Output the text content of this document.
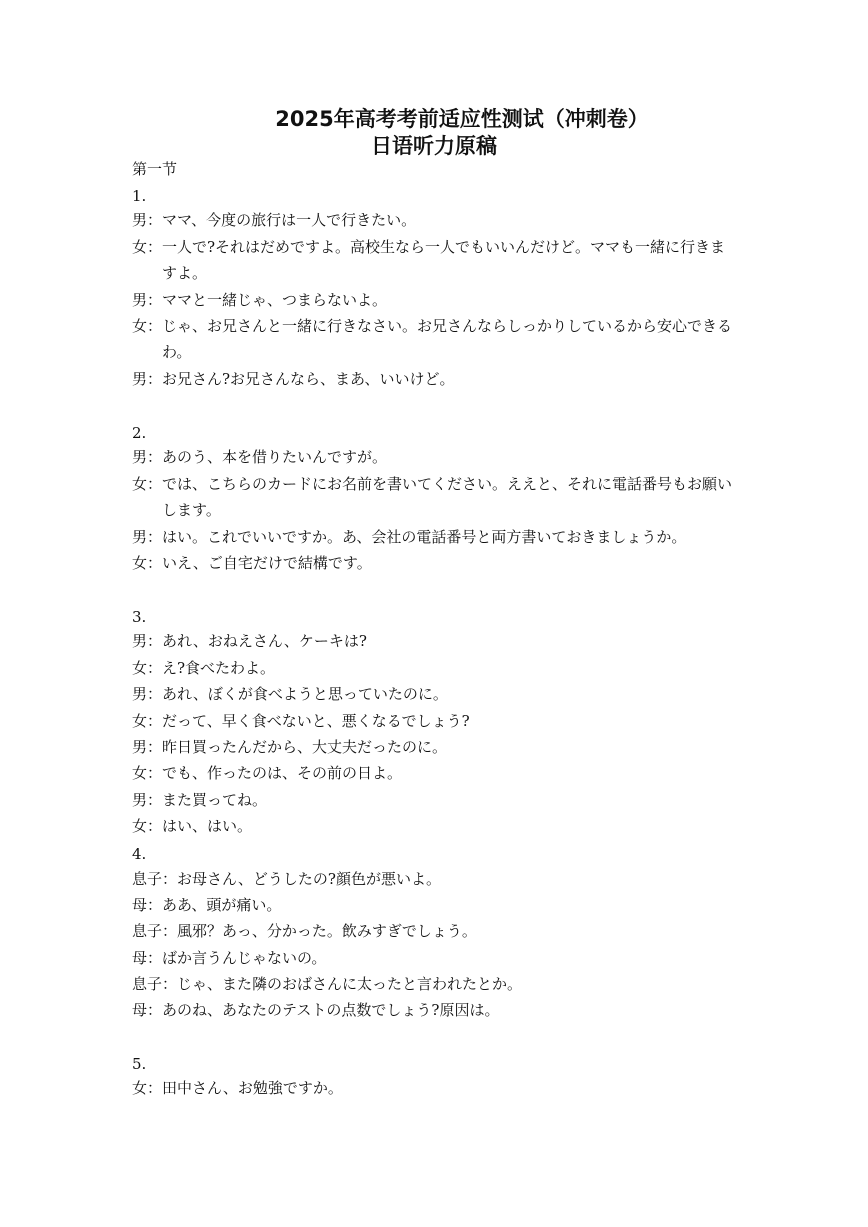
2025年高考考前适应性测试（冲刺卷）
日语听力原稿
第一节
1.
男： ママ、今度の旅行は一人で行きたい。
女： 一人で?それはだめですよ。高校生なら一人でもいいんだけど。ママも一緒に行きますよ。
男： ママと一緒じゃ、つまらないよ。
女： じゃ、お兄さんと一緒に行きなさい。お兄さんならしっかりしているから安心できるわ。
男： お兄さん?お兄さんなら、まあ、いいけど。
2.
男： あのう、本を借りたいんですが。
女： では、こちらのカードにお名前を書いてください。ええと、それに電話番号もお願いします。
男： はい。これでいいですか。あ、会社の電話番号と両方書いておきましょうか。
女： いえ、ご自宅だけで結構です。
3.
男： あれ、おねえさん、ケーキは?
女： え?食べたわよ。
男： あれ、ぼくが食べようと思っていたのに。
女： だって、早く食べないと、悪くなるでしょう?
男： 昨日買ったんだから、大丈夫だったのに。
女： でも、作ったのは、その前の日よ。
男： また買ってね。
女： はい、はい。
4.
息子： お母さん、どうしたの?顔色が悪いよ。
母： ああ、頭が痛い。
息子： 風邪？あっ、分かった。飲みすぎでしょう。
母： ばか言うんじゃないの。
息子： じゃ、また隣のおばさんに太ったと言われたとか。
母： あのね、あなたのテストの点数でしょう?原因は。
5.
女： 田中さん、お勉強ですか。
